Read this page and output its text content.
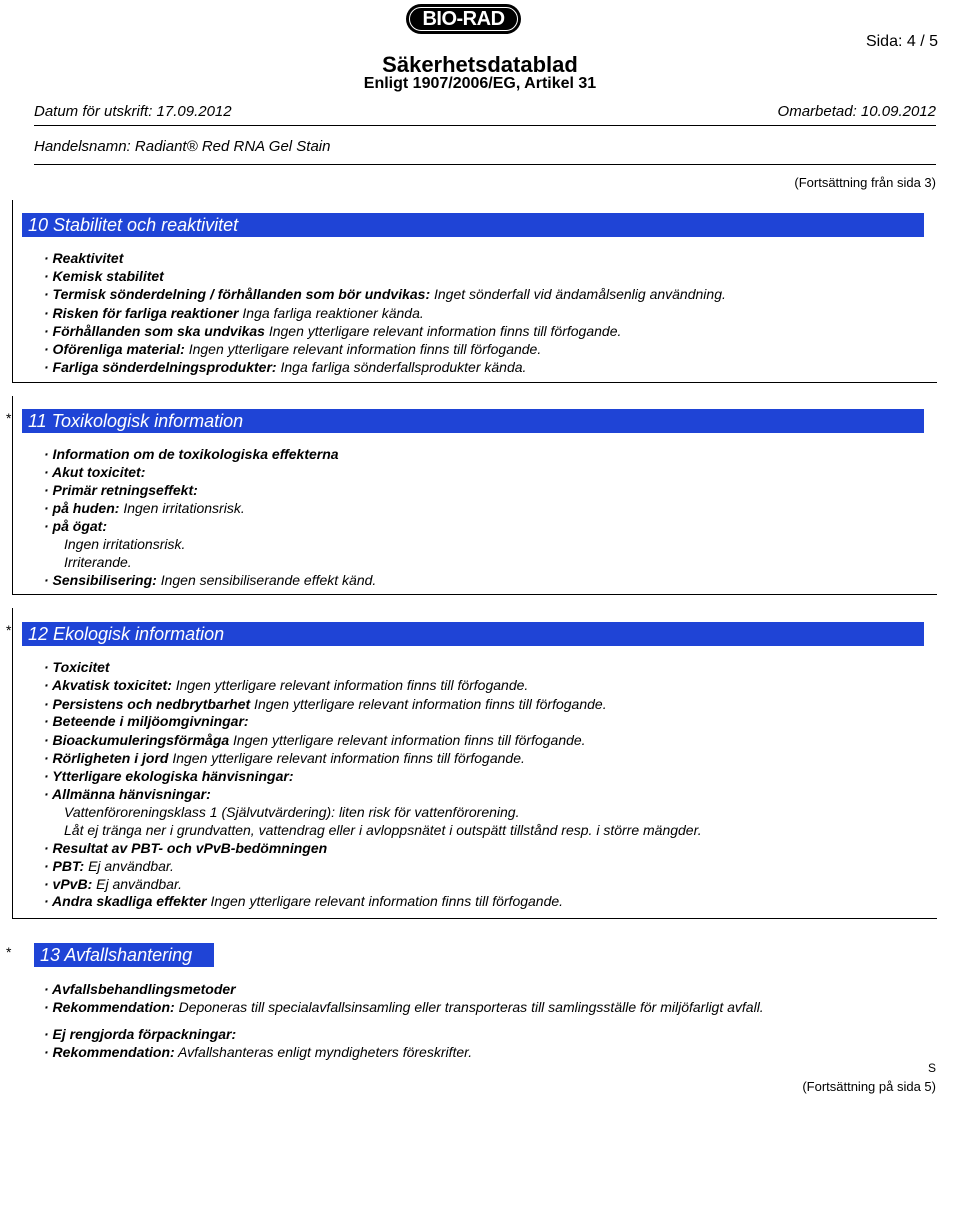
BIO-RAD
Säkerhetsdatablad
Enligt 1907/2006/EG, Artikel 31
Sida: 4 / 5
Datum för utskrift: 17.09.2012	Omarbetad: 10.09.2012
Handelsnamn: Radiant® Red RNA Gel Stain
(Fortsättning från sida 3)
10 Stabilitet och reaktivitet
· Reaktivitet
· Kemisk stabilitet
· Termisk sönderdelning / förhållanden som bör undvikas: Inget sönderfall vid ändamålsenlig användning.
· Risken för farliga reaktioner Inga farliga reaktioner kända.
· Förhållanden som ska undvikas Ingen ytterligare relevant information finns till förfogande.
· Oförenliga material: Ingen ytterligare relevant information finns till förfogande.
· Farliga sönderdelningsprodukter: Inga farliga sönderfallsprodukter kända.
* 11 Toxikologisk information
· Information om de toxikologiska effekterna
· Akut toxicitet:
· Primär retningseffekt:
· på huden: Ingen irritationsrisk.
· på ögat:
Ingen irritationsrisk.
Irriterande.
· Sensibilisering: Ingen sensibiliserande effekt känd.
* 12 Ekologisk information
· Toxicitet
· Akvatisk toxicitet: Ingen ytterligare relevant information finns till förfogande.
· Persistens och nedbrytbarhet Ingen ytterligare relevant information finns till förfogande.
· Beteende i miljöomgivningar:
· Bioackumuleringsförmåga Ingen ytterligare relevant information finns till förfogande.
· Rörligheten i jord Ingen ytterligare relevant information finns till förfogande.
· Ytterligare ekologiska hänvisningar:
· Allmänna hänvisningar:
Vattenföroreningsklass 1 (Självutvärdering): liten risk för vattenförorening.
Låt ej tränga ner i grundvatten, vattendrag eller i avloppsnätet i outspätt tillstånd resp. i större mängder.
· Resultat av PBT- och vPvB-bedömningen
· PBT: Ej användbar.
· vPvB: Ej användbar.
· Andra skadliga effekter Ingen ytterligare relevant information finns till förfogande.
*	13 Avfallshantering
· Avfallsbehandlingsmetoder
· Rekommendation: Deponeras till specialavfallsinsamling eller transporteras till samlingsställe för miljöfarligt avfall.
· Ej rengjorda förpackningar:
· Rekommendation: Avfallshanteras enligt myndigheters föreskrifter.
S
(Fortsättning på sida 5)
